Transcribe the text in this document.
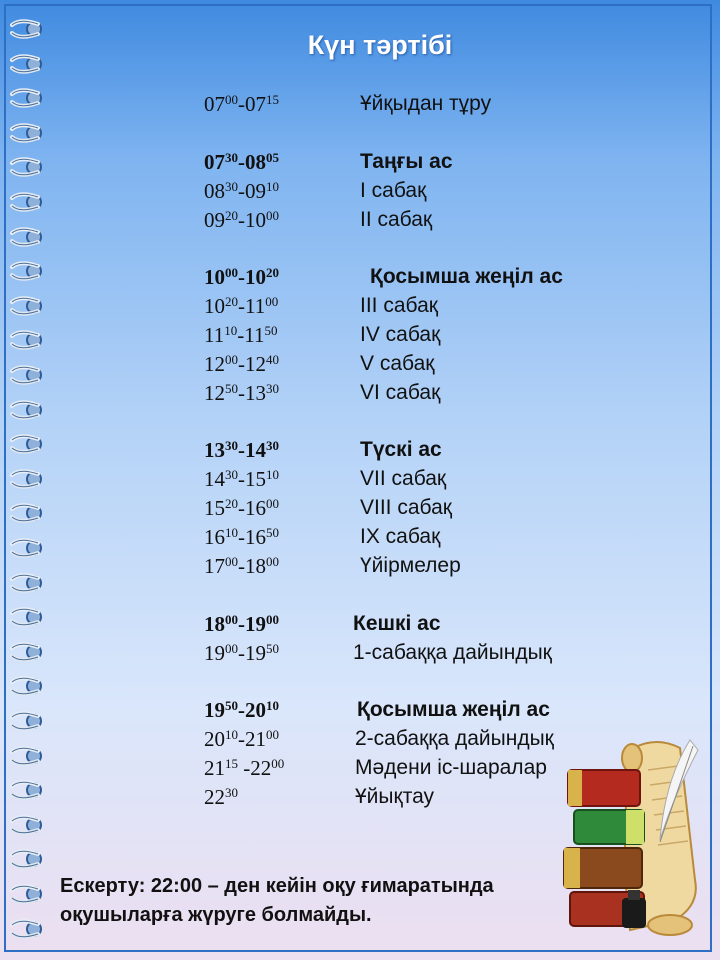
Күн тәртібі
$07^{00}-07^{15}$	Ұйқыдан тұру
$07^{30}-08^{05}$	Таңғы ас
$08^{30}-09^{10}$	I сабақ
$09^{20}-10^{00}$	II сабақ
$10^{00}-10^{20}$	Қосымша жеңіл ас
$10^{20}-11^{00}$	III сабақ
$11^{10}-11^{50}$	IV сабақ
$12^{00}-12^{40}$	V сабақ
$12^{50}-13^{30}$	VI сабақ
$13^{30}-14^{30}$	Түскі ас
$14^{30}-15^{10}$	VII сабақ
$15^{20}-16^{00}$	VIII сабақ
$16^{10}-16^{50}$	IX сабақ
$17^{00}-18^{00}$	Үйірмелер
$18^{00}-19^{00}$	Кешкі ас
$19^{00}-19^{50}$	1-сабаққа дайындық
$19^{50}-20^{10}$	Қосымша жеңіл ас
$20^{10}-21^{00}$	2-сабаққа дайындық
$21^{15}$ $-22^{00}$	Мәдени іс-шаралар
$22^{30}$	Ұйықтау
Ескерту: 22:00 – ден кейін оқу ғимаратында
оқушыларға жүруге болмайды.
